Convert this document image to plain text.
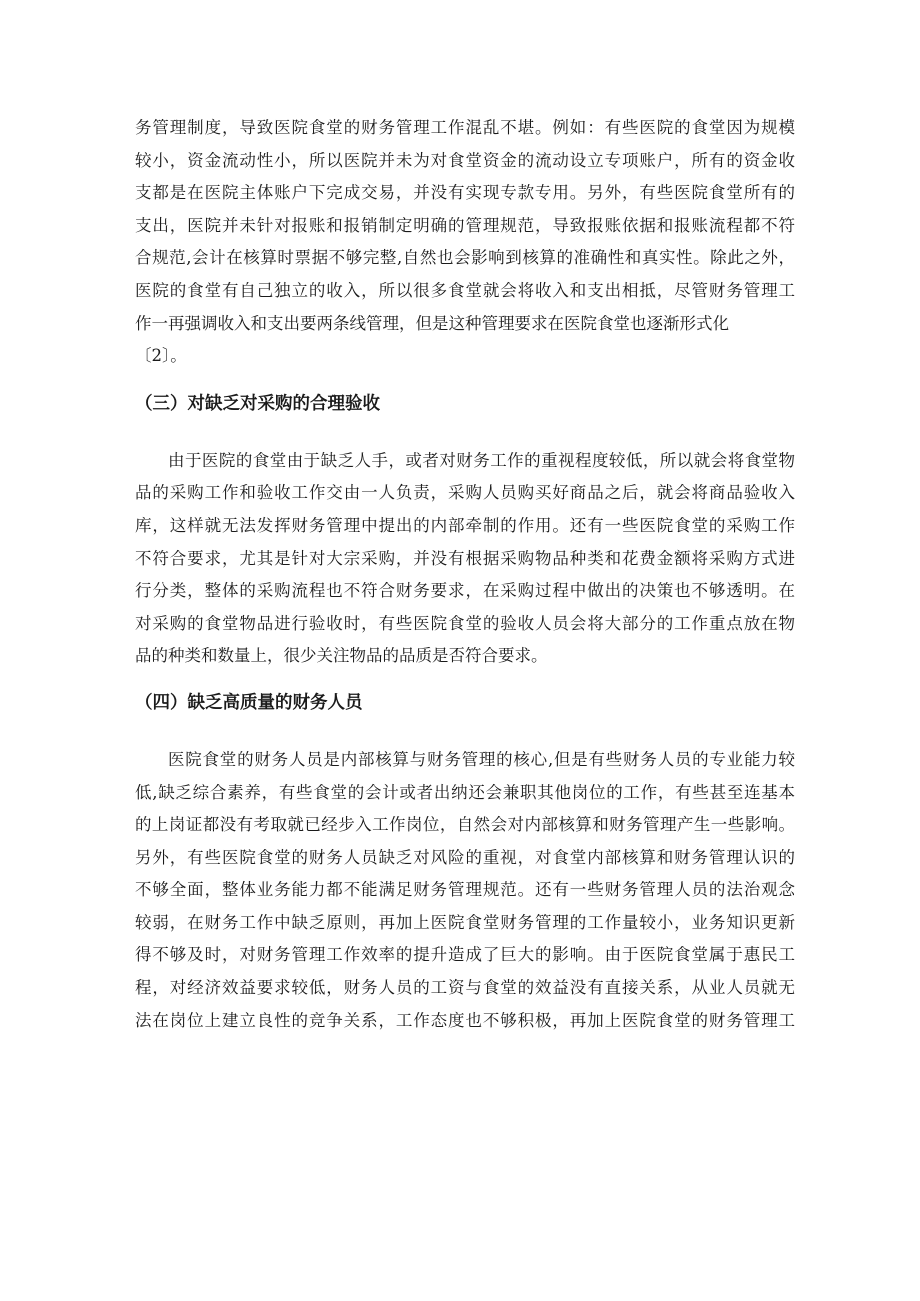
务管理制度，导致医院食堂的财务管理工作混乱不堪。例如：有些医院的食堂因为规模
较小，资金流动性小，所以医院并未为对食堂资金的流动设立专项账户，所有的资金收
支都是在医院主体账户下完成交易，并没有实现专款专用。另外，有些医院食堂所有的
支出，医院并未针对报账和报销制定明确的管理规范，导致报账依据和报账流程都不符
合规范,会计在核算时票据不够完整,自然也会影响到核算的准确性和真实性。除此之外，
医院的食堂有自己独立的收入，所以很多食堂就会将收入和支出相抵，尽管财务管理工
作一再强调收入和支出要两条线管理，但是这种管理要求在医院食堂也逐渐形式化
〔2〕。
（三）对缺乏对采购的合理验收
由于医院的食堂由于缺乏人手，或者对财务工作的重视程度较低，所以就会将食堂物
品的采购工作和验收工作交由一人负责，采购人员购买好商品之后，就会将商品验收入
库，这样就无法发挥财务管理中提出的内部牵制的作用。还有一些医院食堂的采购工作
不符合要求，尤其是针对大宗采购，并没有根据采购物品种类和花费金额将采购方式进
行分类，整体的采购流程也不符合财务要求，在采购过程中做出的决策也不够透明。在
对采购的食堂物品进行验收时，有些医院食堂的验收人员会将大部分的工作重点放在物
品的种类和数量上，很少关注物品的品质是否符合要求。
（四）缺乏高质量的财务人员
医院食堂的财务人员是内部核算与财务管理的核心,但是有些财务人员的专业能力较
低,缺乏综合素养，有些食堂的会计或者出纳还会兼职其他岗位的工作，有些甚至连基本
的上岗证都没有考取就已经步入工作岗位，自然会对内部核算和财务管理产生一些影响。
另外，有些医院食堂的财务人员缺乏对风险的重视，对食堂内部核算和财务管理认识的
不够全面，整体业务能力都不能满足财务管理规范。还有一些财务管理人员的法治观念
较弱，在财务工作中缺乏原则，再加上医院食堂财务管理的工作量较小，业务知识更新
得不够及时，对财务管理工作效率的提升造成了巨大的影响。由于医院食堂属于惠民工
程，对经济效益要求较低，财务人员的工资与食堂的效益没有直接关系，从业人员就无
法在岗位上建立良性的竞争关系，工作态度也不够积极，再加上医院食堂的财务管理工
